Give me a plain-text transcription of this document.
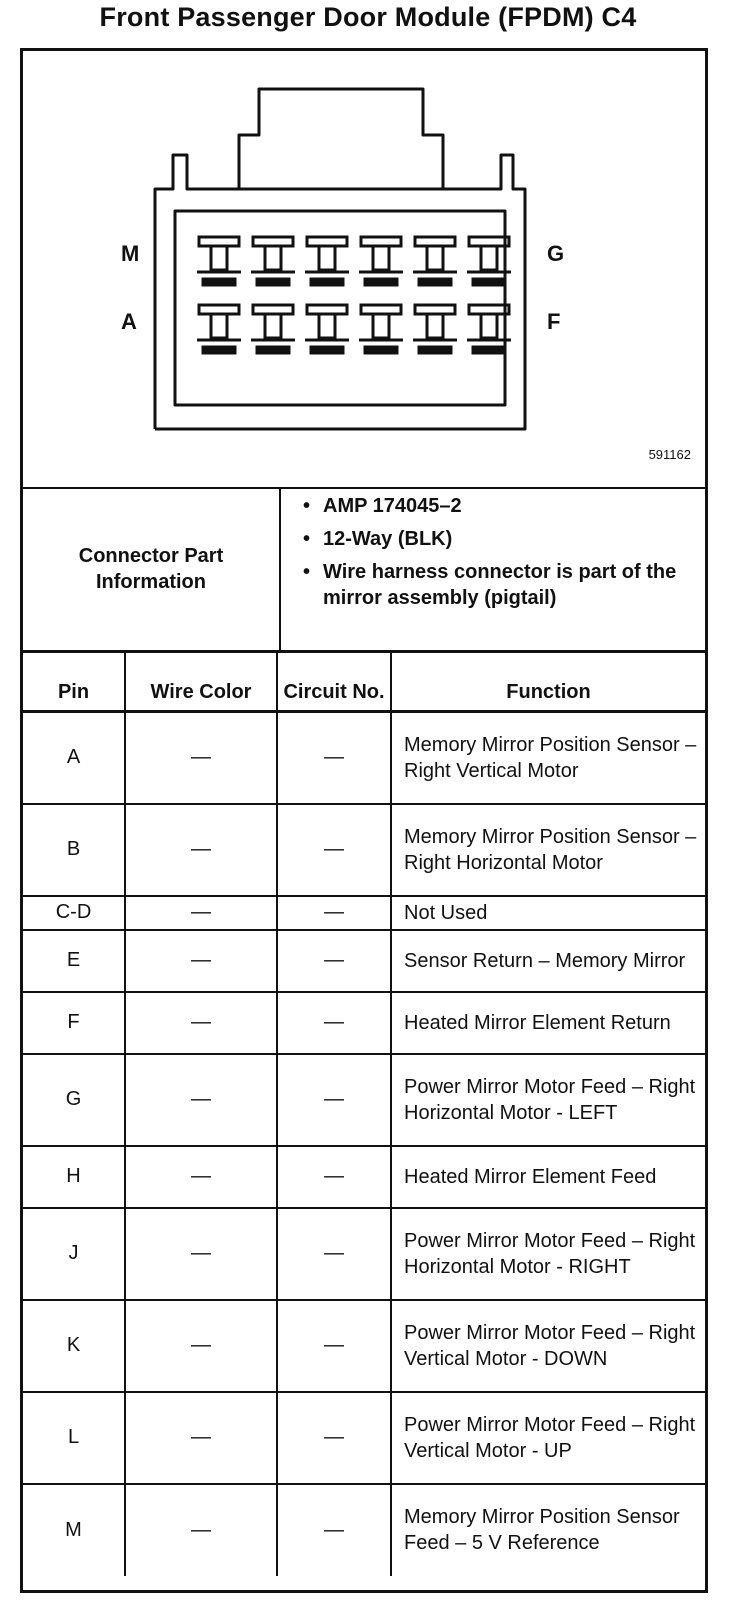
Front Passenger Door Module (FPDM) C4
M
A
G
F
591162
Connector Part Information
• AMP 174045–2
• 12-Way (BLK)
• Wire harness connector is part of the mirror assembly (pigtail)
Pin	Wire Color	Circuit No.	Function
A	—	—	Memory Mirror Position Sensor – Right Vertical Motor
B	—	—	Memory Mirror Position Sensor – Right Horizontal Motor
C-D	—	—	Not Used
E	—	—	Sensor Return – Memory Mirror
F	—	—	Heated Mirror Element Return
G	—	—	Power Mirror Motor Feed – Right Horizontal Motor - LEFT
H	—	—	Heated Mirror Element Feed
J	—	—	Power Mirror Motor Feed – Right Horizontal Motor - RIGHT
K	—	—	Power Mirror Motor Feed – Right Vertical Motor - DOWN
L	—	—	Power Mirror Motor Feed – Right Vertical Motor - UP
M	—	—	Memory Mirror Position Sensor Feed – 5 V Reference
